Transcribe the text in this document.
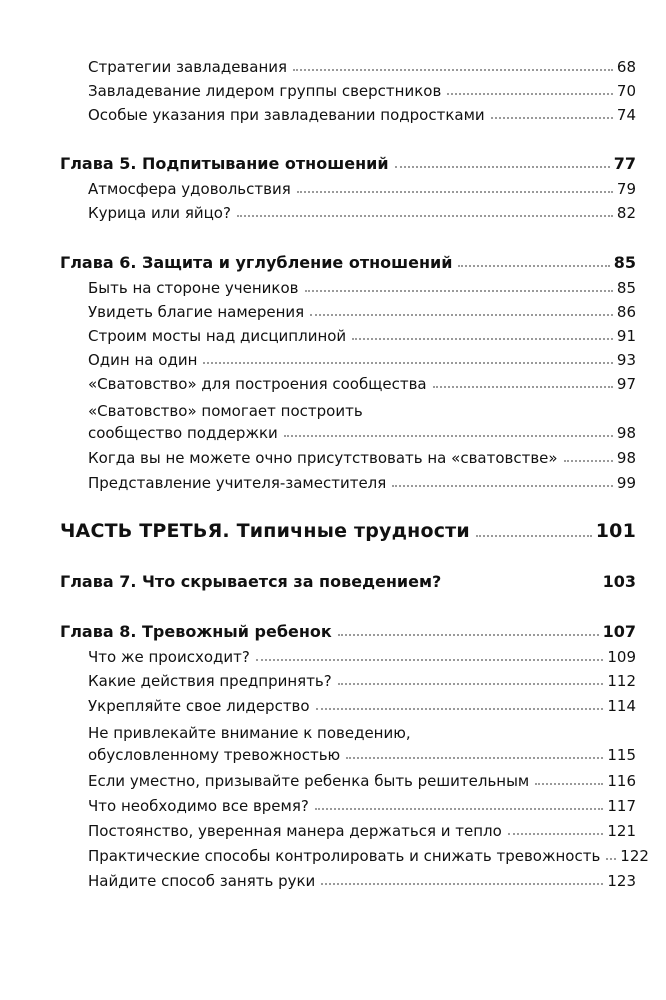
Стратегии завладевания	68
Завладевание лидером группы сверстников	70
Особые указания при завладевании подростками	74
Глава 5. Подпитывание отношений	77
Атмосфера удовольствия	79
Курица или яйцо?	82
Глава 6. Защита и углубление отношений	85
Быть на стороне учеников	85
Увидеть благие намерения	86
Строим мосты над дисциплиной	91
Один на один	93
«Сватовство» для построения сообщества	97
«Сватовство» помогает построить
сообщество поддержки	98
Когда вы не можете очно присутствовать на «сватовстве»	98
Представление учителя-заместителя	99
ЧАСТЬ ТРЕТЬЯ. Типичные трудности	101
Глава 7. Что скрывается за поведением?	103
Глава 8. Тревожный ребенок	107
Что же происходит?	109
Какие действия предпринять?	112
Укрепляйте свое лидерство	114
Не привлекайте внимание к поведению,
обусловленному тревожностью	115
Если уместно, призывайте ребенка быть решительным	116
Что необходимо все время?	117
Постоянство, уверенная манера держаться и тепло	121
Практические способы контролировать и снижать тревожность 122
Найдите способ занять руки	123
